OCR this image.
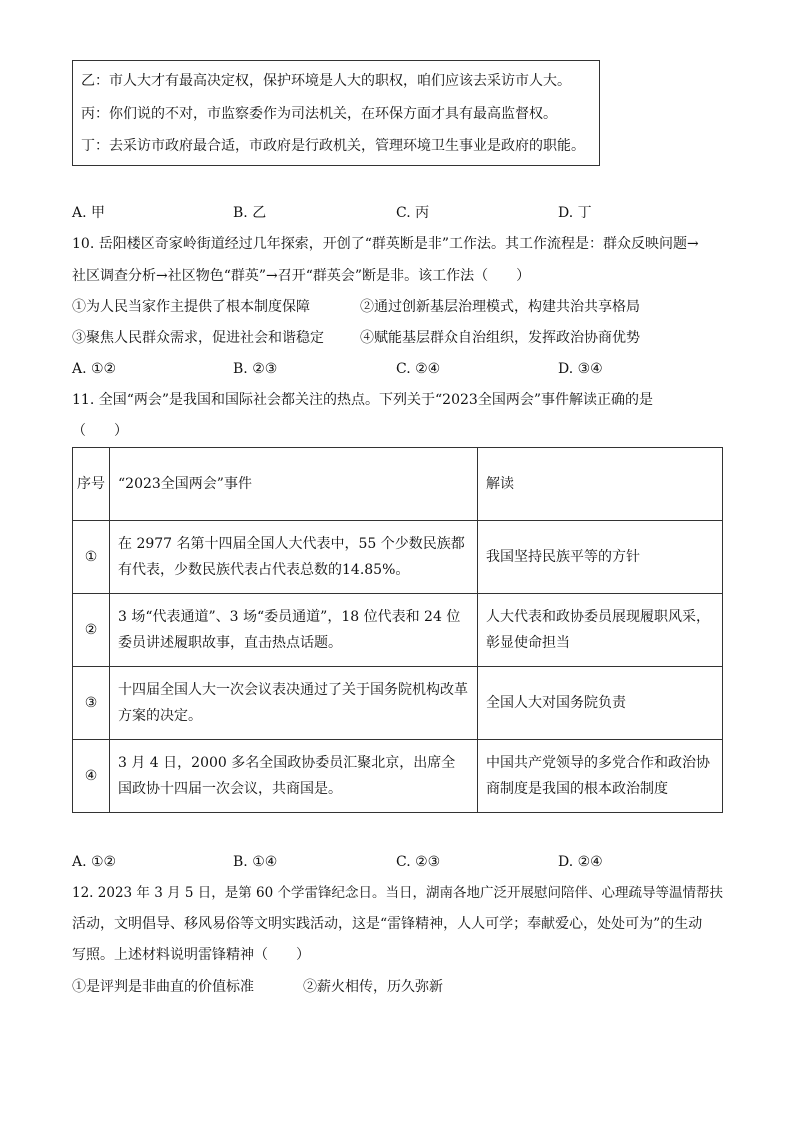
乙：市人大才有最高决定权，保护环境是人大的职权，咱们应该去采访市人大。
丙：你们说的不对，市监察委作为司法机关，在环保方面才具有最高监督权。
丁：去采访市政府最合适，市政府是行政机关，管理环境卫生事业是政府的职能。
A. 甲	B. 乙	C. 丙	D. 丁
10. 岳阳楼区奇家岭街道经过几年探索，开创了“群英断是非”工作法。其工作流程是：群众反映问题→
社区调查分析→社区物色“群英”→召开“群英会”断是非。该工作法（　　）
①为人民当家作主提供了根本制度保障	②通过创新基层治理模式，构建共治共享格局
③聚焦人民群众需求，促进社会和谐稳定	④赋能基层群众自治组织，发挥政治协商优势
A. ①②	B. ②③	C. ②④	D. ③④
11. 全国“两会”是我国和国际社会都关注的热点。下列关于“2023全国两会”事件解读正确的是
（　　）
序号	“2023全国两会”事件	解读
①	在 2977 名第十四届全国人大代表中，55 个少数民族都有代表，少数民族代表占代表总数的14.85%。	我国坚持民族平等的方针
②	3 场“代表通道”、3 场“委员通道”，18 位代表和 24 位委员讲述履职故事，直击热点话题。	人大代表和政协委员展现履职风采，彰显使命担当
③	十四届全国人大一次会议表决通过了关于国务院机构改革方案的决定。	全国人大对国务院负责
④	3 月 4 日，2000 多名全国政协委员汇聚北京，出席全国政协十四届一次会议，共商国是。	中国共产党领导的多党合作和政治协商制度是我国的根本政治制度
A. ①②	B. ①④	C. ②③	D. ②④
12. 2023 年 3 月 5 日，是第 60 个学雷锋纪念日。当日，湖南各地广泛开展慰问陪伴、心理疏导等温情帮扶
活动，文明倡导、移风易俗等文明实践活动，这是“雷锋精神，人人可学；奉献爱心，处处可为”的生动
写照。上述材料说明雷锋精神（　　）
①是评判是非曲直的价值标准	②薪火相传，历久弥新
